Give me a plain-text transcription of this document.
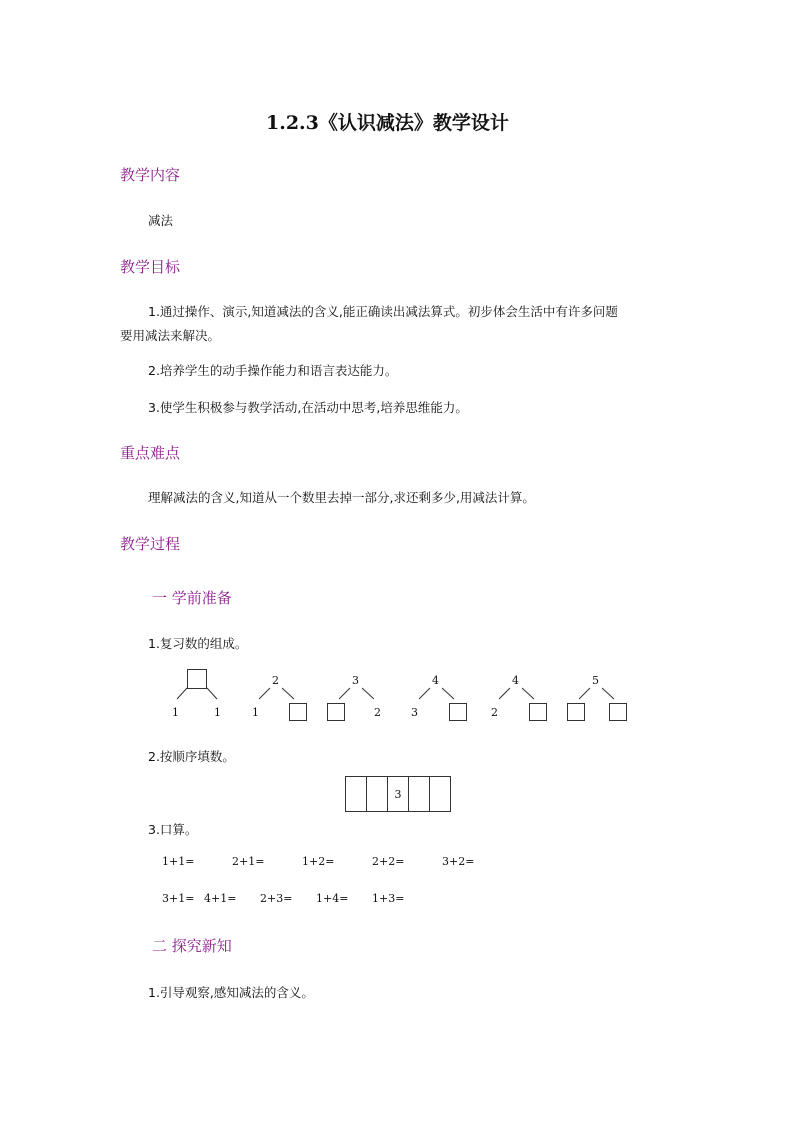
1.2.3《认识减法》教学设计
教学内容
减法
教学目标
1.通过操作、演示,知道减法的含义,能正确读出减法算式。初步体会生活中有许多问题
要用减法来解决。
2.培养学生的动手操作能力和语言表达能力。
3.使学生积极参与教学活动,在活动中思考,培养思维能力。
重点难点
理解减法的含义,知道从一个数里去掉一部分,求还剩多少,用减法计算。
教学过程
一 学前准备
1.复习数的组成。
1	1
2
1
3
2
4
3
4
2
5
2.按顺序填数。
3
3.口算。
1+1=	2+1=	1+2=	2+2=	3+2=
3+1= 4+1= 2+3= 1+4= 1+3=
二 探究新知
1.引导观察,感知减法的含义。
